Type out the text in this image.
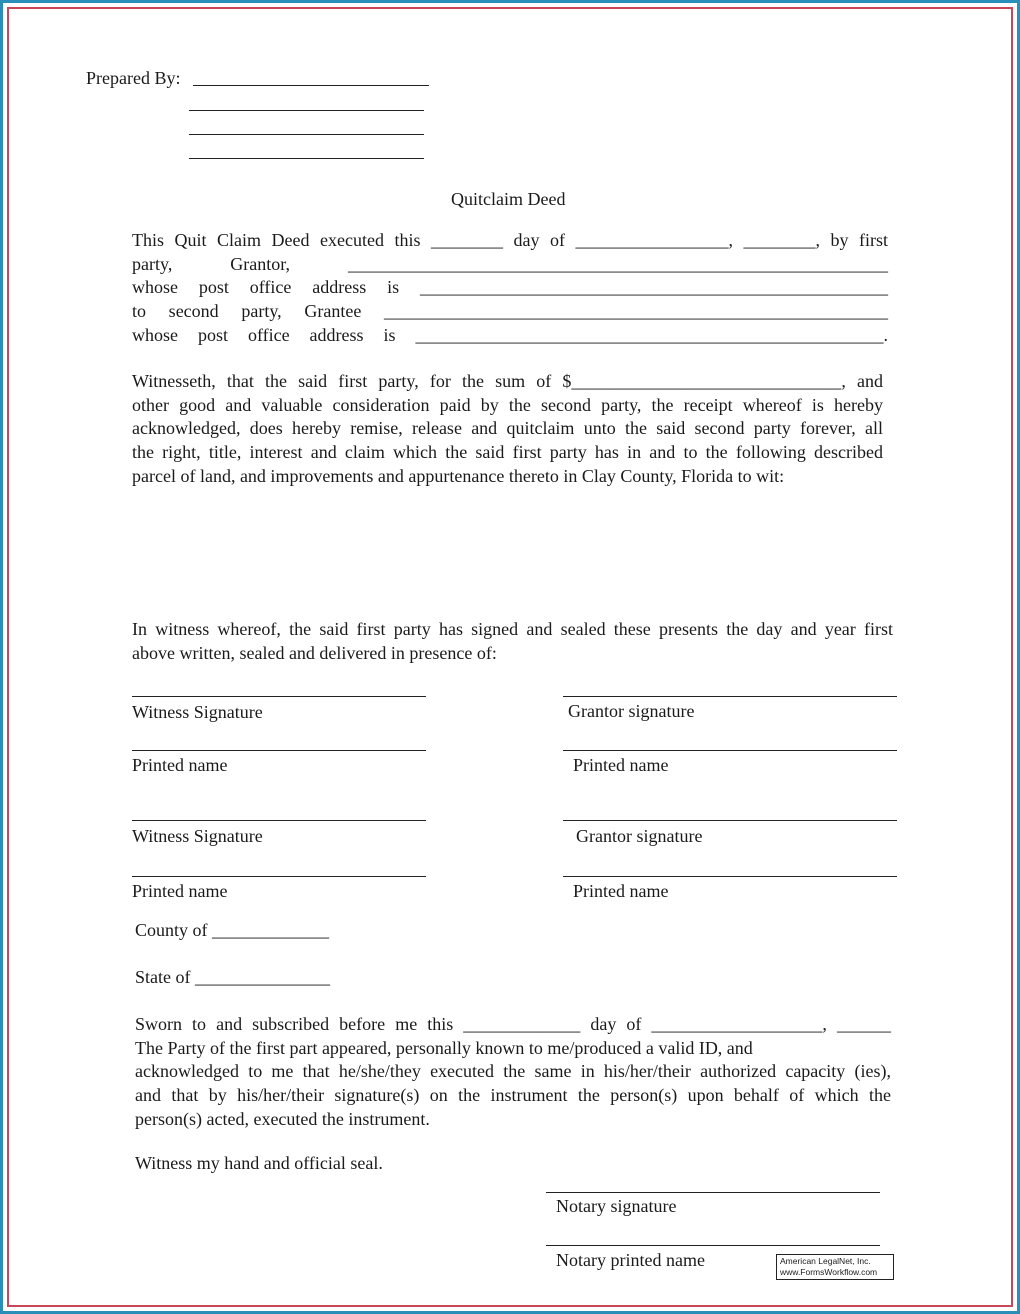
Prepared By:
Quitclaim Deed
This Quit Claim Deed executed this ________ day of _________________, ________, by first
party, Grantor, ____________________________________________________________
whose post office address is ____________________________________________________
to second party, Grantee ________________________________________________________
whose post office address is ____________________________________________________.
Witnesseth, that the said first party, for the sum of $______________________________, and
other good and valuable consideration paid by the second party, the receipt whereof is hereby
acknowledged, does hereby remise, release and quitclaim unto the said second party forever, all
the right, title, interest and claim which the said first party has in and to the following described
parcel of land, and improvements and appurtenance thereto in Clay County, Florida to wit:
In witness whereof, the said first party has signed and sealed these presents the day and year first
above written, sealed and delivered in presence of:
Witness Signature	Grantor signature
Printed name	Printed name
Witness Signature	Grantor signature
Printed name	Printed name
County of _____________
State of _______________
Sworn to and subscribed before me this _____________ day of ___________________, ______
The Party of the first part appeared, personally known to me/produced a valid ID, and
acknowledged to me that he/she/they executed the same in his/her/their authorized capacity (ies),
and that by his/her/their signature(s) on the instrument the person(s) upon behalf of which the
person(s) acted, executed the instrument.
Witness my hand and official seal.
Notary signature
Notary printed name	American LegalNet, Inc.
www.FormsWorkflow.com
